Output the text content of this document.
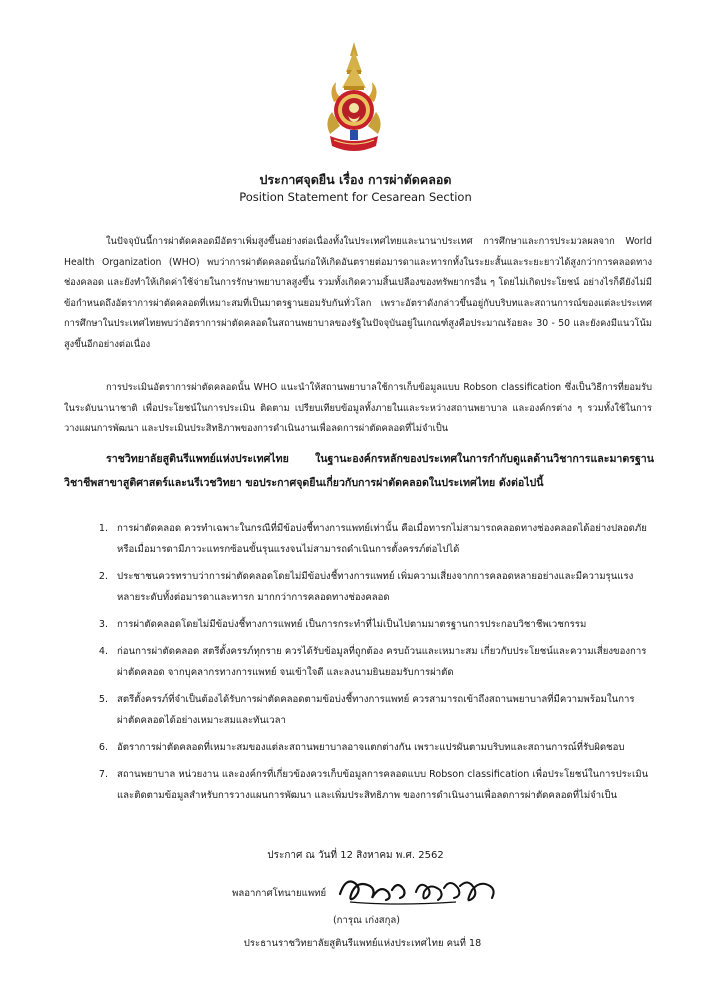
ประกาศจุดยืน เรื่อง การผ่าตัดคลอด
Position Statement for Cesarean Section

ในปัจจุบันนี้การผ่าตัดคลอดมีอัตราเพิ่มสูงขึ้นอย่างต่อเนื่องทั้งในประเทศไทยและนานาประเทศ การศึกษาและการประมวลผลจาก World Health Organization (WHO) พบว่าการผ่าตัดคลอดนั้นก่อให้เกิดอันตรายต่อมารดาและทารกทั้งในระยะสั้นและระยะยาวได้สูงกว่าการคลอดทางช่องคลอด และยังทำให้เกิดค่าใช้จ่ายในการรักษาพยาบาลสูงขึ้น รวมทั้งเกิดความสิ้นเปลืองของทรัพยากรอื่น ๆ โดยไม่เกิดประโยชน์ อย่างไรก็ดียังไม่มีข้อกำหนดถึงอัตราการผ่าตัดคลอดที่เหมาะสมที่เป็นมาตรฐานยอมรับกันทั่วโลก เพราะอัตราดังกล่าวขึ้นอยู่กับบริบทและสถานการณ์ของแต่ละประเทศ การศึกษาในประเทศไทยพบว่าอัตราการผ่าตัดคลอดในสถานพยาบาลของรัฐในปัจจุบันอยู่ในเกณฑ์สูงคือประมาณร้อยละ 30 - 50 และยังคงมีแนวโน้มสูงขึ้นอีกอย่างต่อเนื่อง

การประเมินอัตราการผ่าตัดคลอดนั้น WHO แนะนำให้สถานพยาบาลใช้การเก็บข้อมูลแบบ Robson classification ซึ่งเป็นวิธีการที่ยอมรับในระดับนานาชาติ เพื่อประโยชน์ในการประเมิน ติดตาม เปรียบเทียบข้อมูลทั้งภายในและระหว่างสถานพยาบาล และองค์กรต่าง ๆ รวมทั้งใช้ในการวางแผนการพัฒนา และประเมินประสิทธิภาพของการดำเนินงานเพื่อลดการผ่าตัดคลอดที่ไม่จำเป็น

ราชวิทยาลัยสูตินรีแพทย์แห่งประเทศไทย ในฐานะองค์กรหลักของประเทศในการกำกับดูแลด้านวิชาการและมาตรฐานวิชาชีพสาขาสูติศาสตร์และนรีเวชวิทยา ขอประกาศจุดยืนเกี่ยวกับการผ่าตัดคลอดในประเทศไทย ดังต่อไปนี้

1. การผ่าตัดคลอด ควรทำเฉพาะในกรณีที่มีข้อบ่งชี้ทางการแพทย์เท่านั้น คือเมื่อทารกไม่สามารถคลอดทางช่องคลอดได้อย่างปลอดภัย หรือเมื่อมารดามีภาวะแทรกซ้อนขั้นรุนแรงจนไม่สามารถดำเนินการตั้งครรภ์ต่อไปได้
2. ประชาชนควรทราบว่าการผ่าตัดคลอดโดยไม่มีข้อบ่งชี้ทางการแพทย์ เพิ่มความเสี่ยงจากการคลอดหลายอย่างและมีความรุนแรงหลายระดับทั้งต่อมารดาและทารก มากกว่าการคลอดทางช่องคลอด
3. การผ่าตัดคลอดโดยไม่มีข้อบ่งชี้ทางการแพทย์ เป็นการกระทำที่ไม่เป็นไปตามมาตรฐานการประกอบวิชาชีพเวชกรรม
4. ก่อนการผ่าตัดคลอด สตรีตั้งครรภ์ทุกราย ควรได้รับข้อมูลที่ถูกต้อง ครบถ้วนและเหมาะสม เกี่ยวกับประโยชน์และความเสี่ยงของการผ่าตัดคลอด จากบุคลากรทางการแพทย์ จนเข้าใจดี และลงนามยินยอมรับการผ่าตัด
5. สตรีตั้งครรภ์ที่จำเป็นต้องได้รับการผ่าตัดคลอดตามข้อบ่งชี้ทางการแพทย์ ควรสามารถเข้าถึงสถานพยาบาลที่มีความพร้อมในการผ่าตัดคลอดได้อย่างเหมาะสมและทันเวลา
6. อัตราการผ่าตัดคลอดที่เหมาะสมของแต่ละสถานพยาบาลอาจแตกต่างกัน เพราะแปรผันตามบริบทและสถานการณ์ที่รับผิดชอบ
7. สถานพยาบาล หน่วยงาน และองค์กรที่เกี่ยวข้องควรเก็บข้อมูลการคลอดแบบ Robson classification เพื่อประโยชน์ในการประเมินและติดตามข้อมูลสำหรับการวางแผนการพัฒนา และเพิ่มประสิทธิภาพ ของการดำเนินงานเพื่อลดการผ่าตัดคลอดที่ไม่จำเป็น
ประกาศ ณ วันที่ 12 สิงหาคม พ.ศ. 2562
พลอากาศโทนายแพทย์
(การุณ เก่งสกุล)
ประธานราชวิทยาลัยสูตินรีแพทย์แห่งประเทศไทย คนที่ 18
